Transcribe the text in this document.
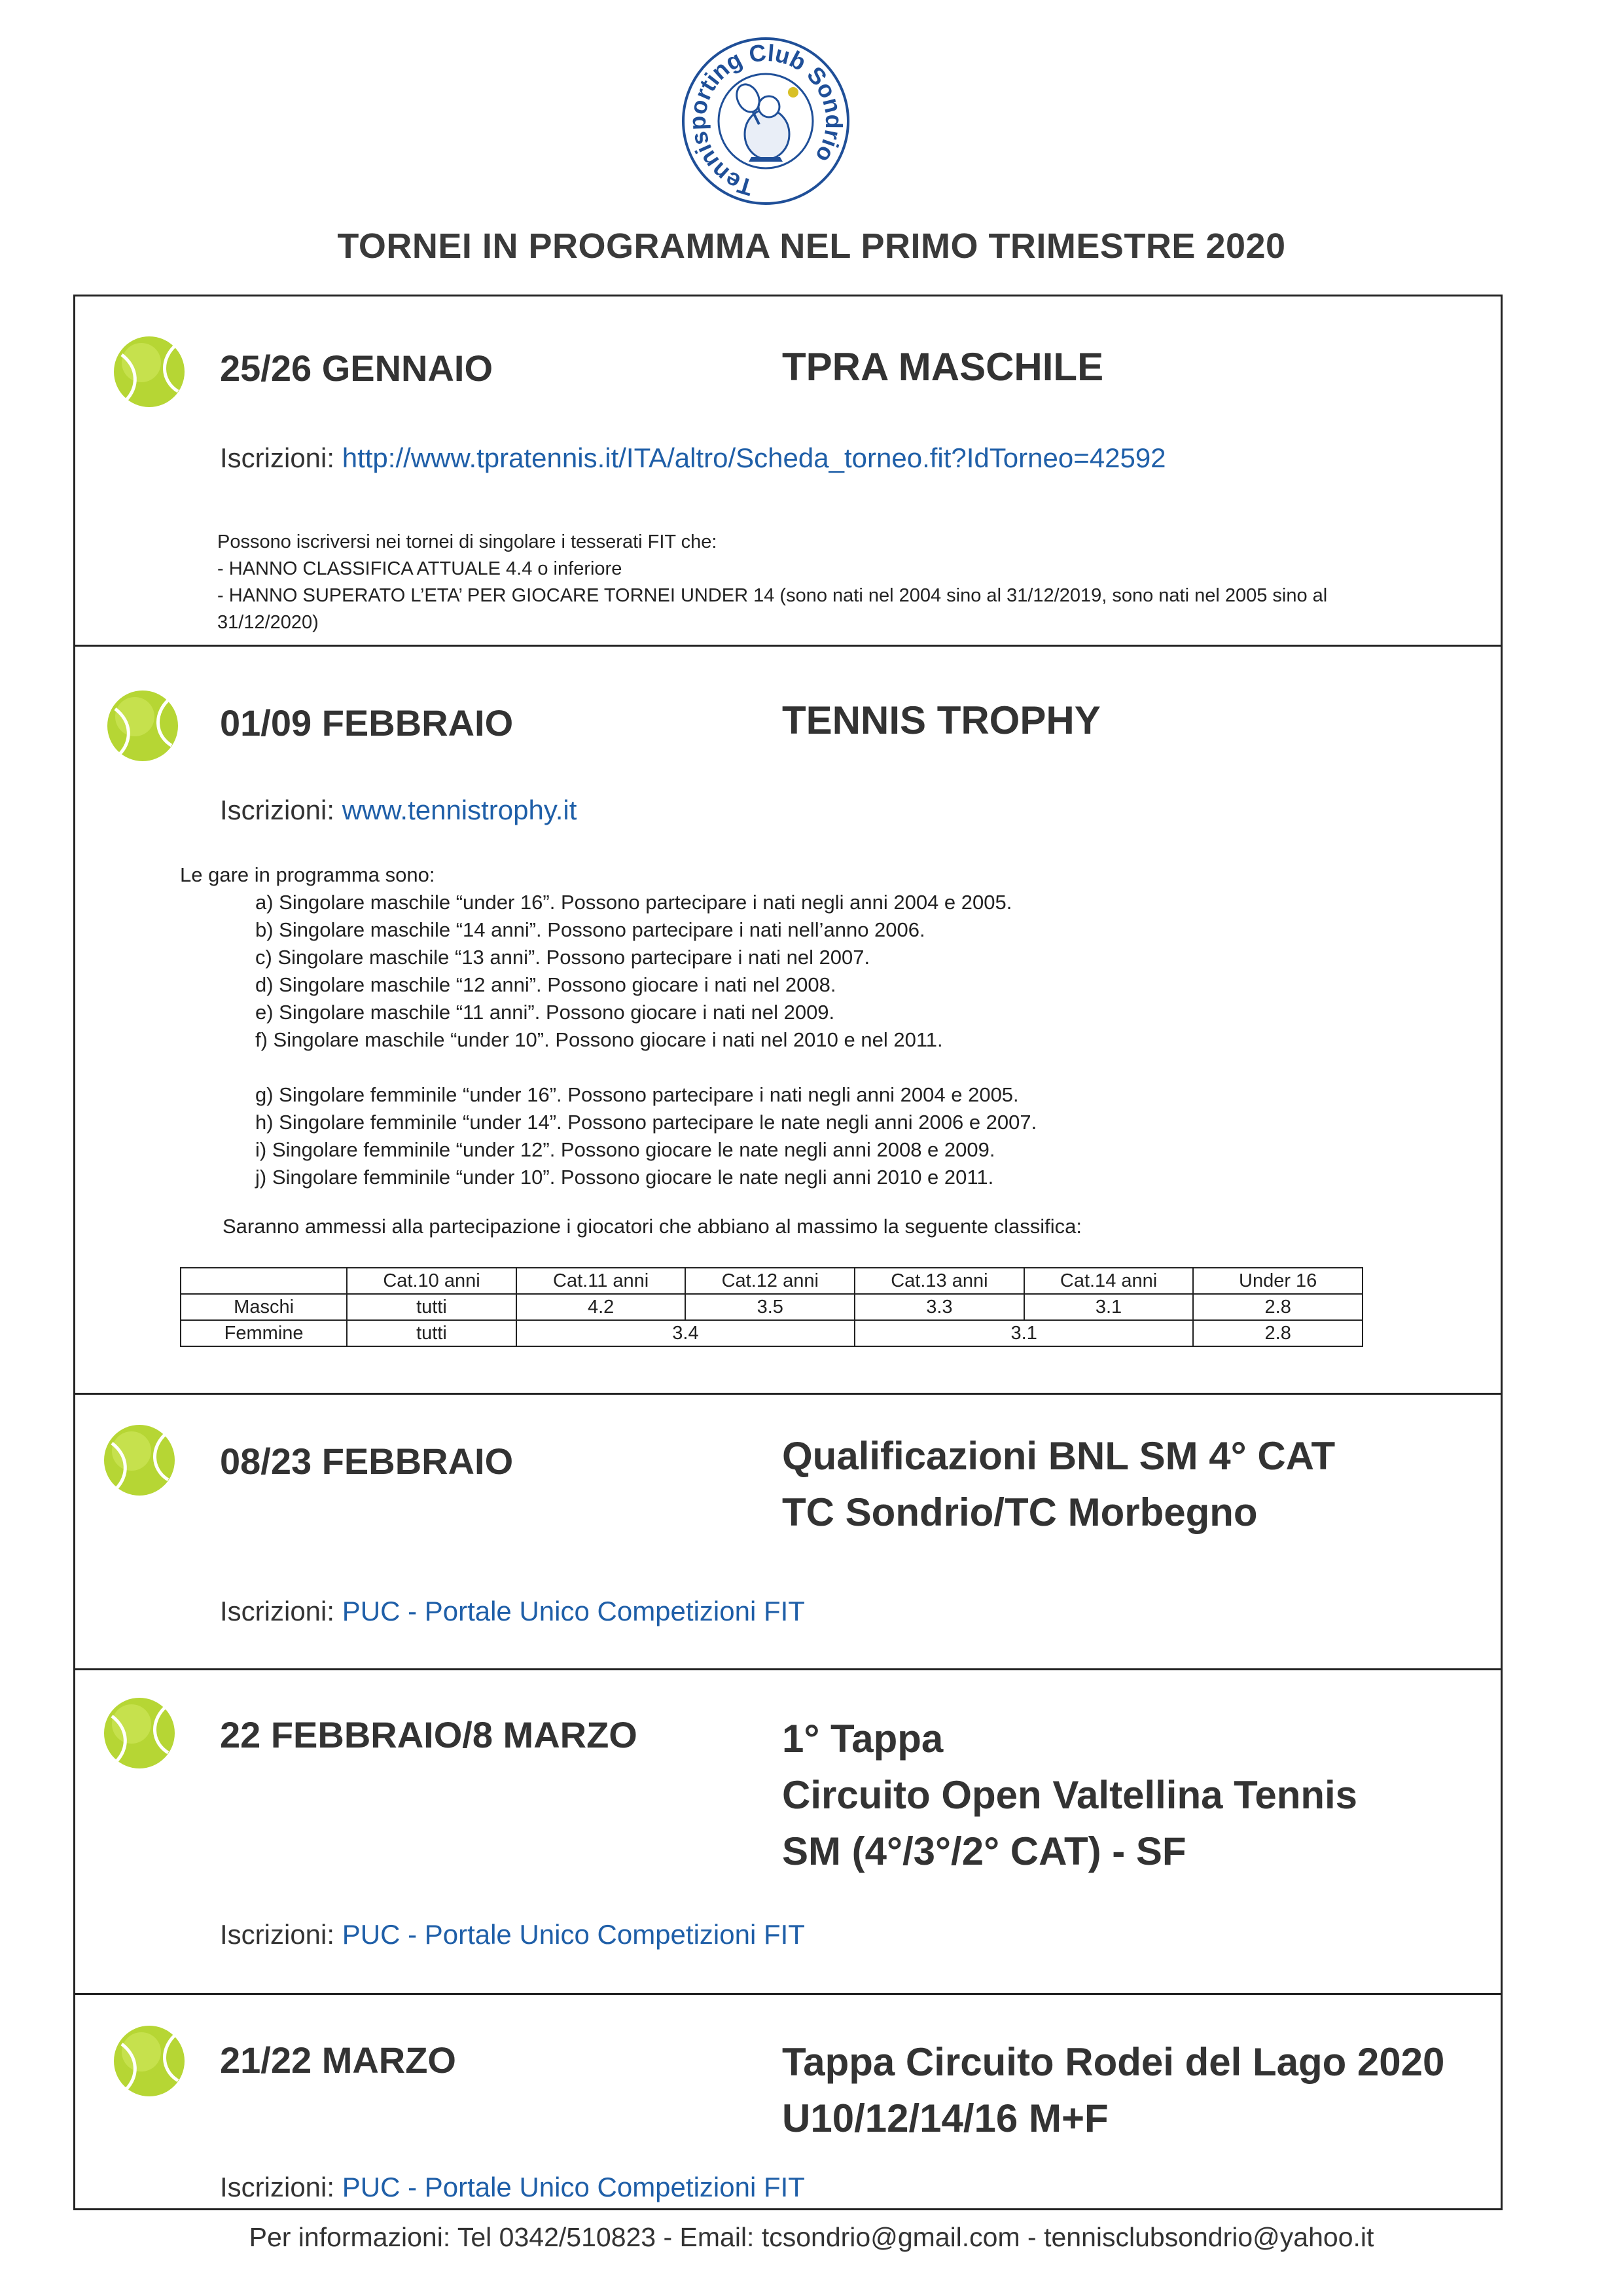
Tennisporting Club Sondrio
TORNEI IN PROGRAMMA NEL PRIMO TRIMESTRE 2020
25/26 GENNAIO	TPRA MASCHILE
Iscrizioni: http://www.tpratennis.it/ITA/altro/Scheda_torneo.fit?IdTorneo=42592
Possono iscriversi nei tornei di singolare i tesserati FIT che:
- HANNO CLASSIFICA ATTUALE 4.4 o inferiore
- HANNO SUPERATO L’ETA’ PER GIOCARE TORNEI UNDER 14 (sono nati nel 2004 sino al 31/12/2019, sono nati nel 2005 sino al
31/12/2020)
01/09 FEBBRAIO	TENNIS TROPHY
Iscrizioni: www.tennistrophy.it
Le gare in programma sono:
a) Singolare maschile “under 16”. Possono partecipare i nati negli anni 2004 e 2005.
b) Singolare maschile “14 anni”. Possono partecipare i nati nell’anno 2006.
c) Singolare maschile “13 anni”. Possono partecipare i nati nel 2007.
d) Singolare maschile “12 anni”. Possono giocare i nati nel 2008.
e) Singolare maschile “11 anni”. Possono giocare i nati nel 2009.
f) Singolare maschile “under 10”. Possono giocare i nati nel 2010 e nel 2011.
g) Singolare femminile “under 16”. Possono partecipare i nati negli anni 2004 e 2005.
h) Singolare femminile “under 14”. Possono partecipare le nate negli anni 2006 e 2007.
i) Singolare femminile “under 12”. Possono giocare le nate negli anni 2008 e 2009.
j) Singolare femminile “under 10”. Possono giocare le nate negli anni 2010 e 2011.
Saranno ammessi alla partecipazione i giocatori che abbiano al massimo la seguente classifica:
	Cat.10 anni	Cat.11 anni	Cat.12 anni	Cat.13 anni	Cat.14 anni	Under 16
Maschi	tutti	4.2	3.5	3.3	3.1	2.8
Femmine	tutti	3.4		3.1		2.8
08/23 FEBBRAIO	Qualificazioni BNL SM 4° CAT
TC Sondrio/TC Morbegno
Iscrizioni: PUC - Portale Unico Competizioni FIT
22 FEBBRAIO/8 MARZO	1° Tappa
Circuito Open Valtellina Tennis
SM (4°/3°/2° CAT) - SF
Iscrizioni: PUC - Portale Unico Competizioni FIT
21/22 MARZO	Tappa Circuito Rodei del Lago 2020
U10/12/14/16 M+F
Iscrizioni: PUC - Portale Unico Competizioni FIT
Per informazioni: Tel 0342/510823 - Email: tcsondrio@gmail.com - tennisclubsondrio@yahoo.it
